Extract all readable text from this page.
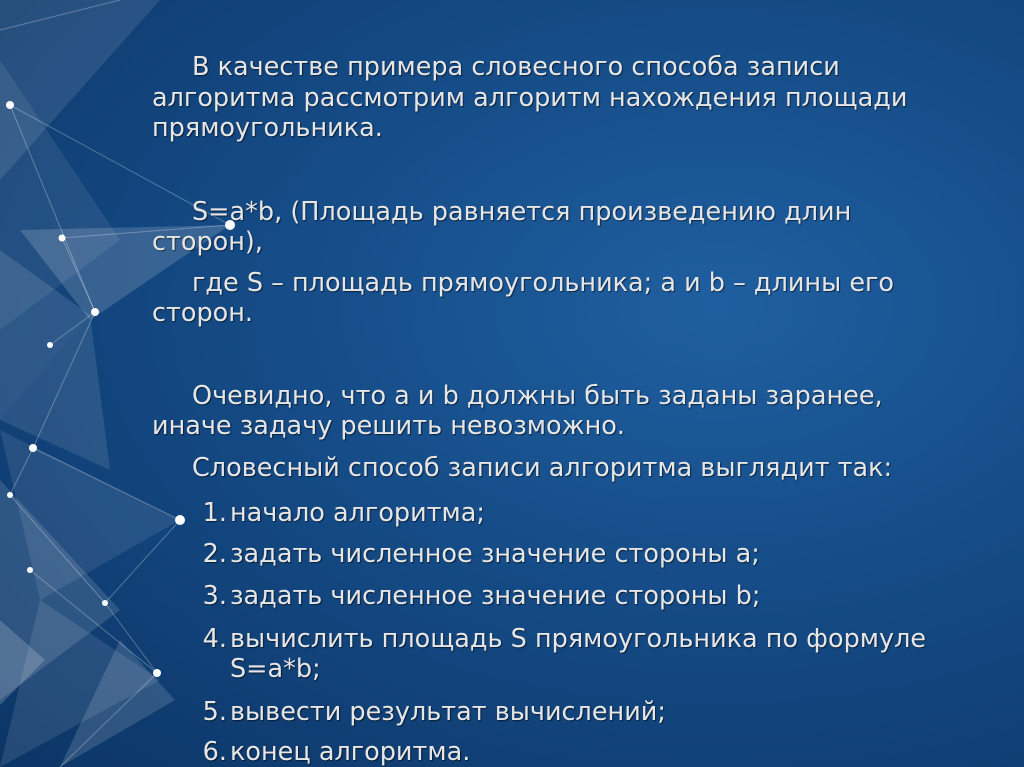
В качестве примера словесного способа записи
алгоритма рассмотрим алгоритм нахождения площади
прямоугольника.
S=a*b, (Площадь равняется произведению длин
сторон),
где S – площадь прямоугольника; a и b – длины его
сторон.
Очевидно, что a и b должны быть заданы заранее,
иначе задачу решить невозможно.
Словесный способ записи алгоритма выглядит так:
1. начало алгоритма;
2. задать численное значение стороны a;
3. задать численное значение стороны b;
4. вычислить площадь S прямоугольника по формуле
S=a*b;
5. вывести результат вычислений;
6. конец алгоритма.
